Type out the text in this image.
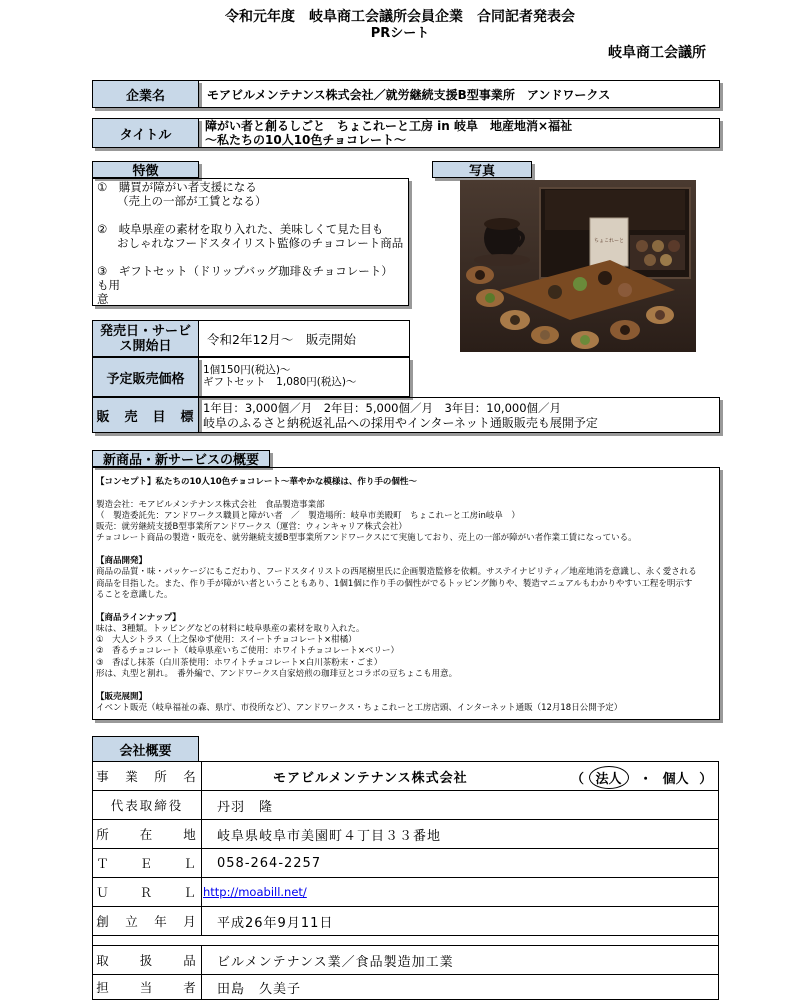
令和元年度　岐阜商工会議所会員企業　合同記者発表会
PRシート
岐阜商工会議所
企業名	モアビルメンテナンス株式会社／就労継続支援B型事業所　アンドワークス
タイトル
障がい者と創るしごと　ちょこれーと工房 in 岐阜　地産地消×福祉
～私たちの10人10色チョコレート～
特徴
①　購買が障がい者支援になる
（売上の一部が工賃となる）
②　岐阜県産の素材を取り入れた、美味しくて見た目も
おしゃれなフードスタイリスト監修のチョコレート商品
③　ギフトセット（ドリップバッグ珈琲＆チョコレート）も用
意
写真
ちょこれーと
発売日・サービ
ス開始日	令和2年12月～　販売開始
予定販売価格
1個150円(税込)～
ギフトセット　1,080円(税込)～
販　売　目　標
1年目：3,000個／月　2年目：5,000個／月　3年目：10,000個／月
岐阜のふるさと納税返礼品への採用やインターネット通販販売も展開予定
新商品・新サービスの概要
【コンセプト】私たちの10人10色チョコレート～華やかな模様は、作り手の個性～
製造会社：モアビルメンテナンス株式会社　食品製造事業部
（　製造委託先：アンドワークス職員と障がい者　／　製造場所：岐阜市美殿町　ちょこれーと工房in岐阜　）
販売：就労継続支援B型事業所アンドワークス（運営：ウィンキャリア株式会社）
チョコレート商品の製造・販売を、就労継続支援B型事業所アンドワークスにて実施しており、売上の一部が障がい者作業工賃になっている。
【商品開発】
商品の品質・味・パッケージにもこだわり、フードスタイリストの西尾樹里氏に企画製造監修を依頼。サステイナビリティ／地産地消を意識し、永く愛される
商品を目指した。また、作り手が障がい者ということもあり、1個1個に作り手の個性がでるトッピング飾りや、製造マニュアルもわかりやすい工程を明示す
ることを意識した。
【商品ラインナップ】
味は、3種類。トッピングなどの材料に岐阜県産の素材を取り入れた。
①　大人シトラス（上之保ゆず使用：スイートチョコレート×柑橘）
②　香るチョコレート（岐阜県産いちご使用：ホワイトチョコレート×ベリー）
③　香ばし抹茶（白川茶使用：ホワイトチョコレート×白川茶粉末・ごま）
形は、丸型と割れ。　番外編で、アンドワークス自家焙煎の珈琲豆とコラボの豆ちょこも用意。
【販売展開】
イベント販売（岐阜福祉の森、県庁、市役所など）、アンドワークス・ちょこれーと工房店頭、インターネット通販（12月18日公開予定）
会社概要
事　業　所　名	モアビルメンテナンス株式会社	（ 法人 ・ 個人 ）
代表取締役	丹羽　隆
所　　在　　地	岐阜県岐阜市美園町４丁目３３番地
Ｔ　　Ｅ　　Ｌ	058-264-2257
Ｕ　　Ｒ　　Ｌ http://moabill.net/
創　立　年　月	平成26年9月11日
取　　扱　　品	ビルメンテナンス業／食品製造加工業
担　　当　　者	田島　久美子
